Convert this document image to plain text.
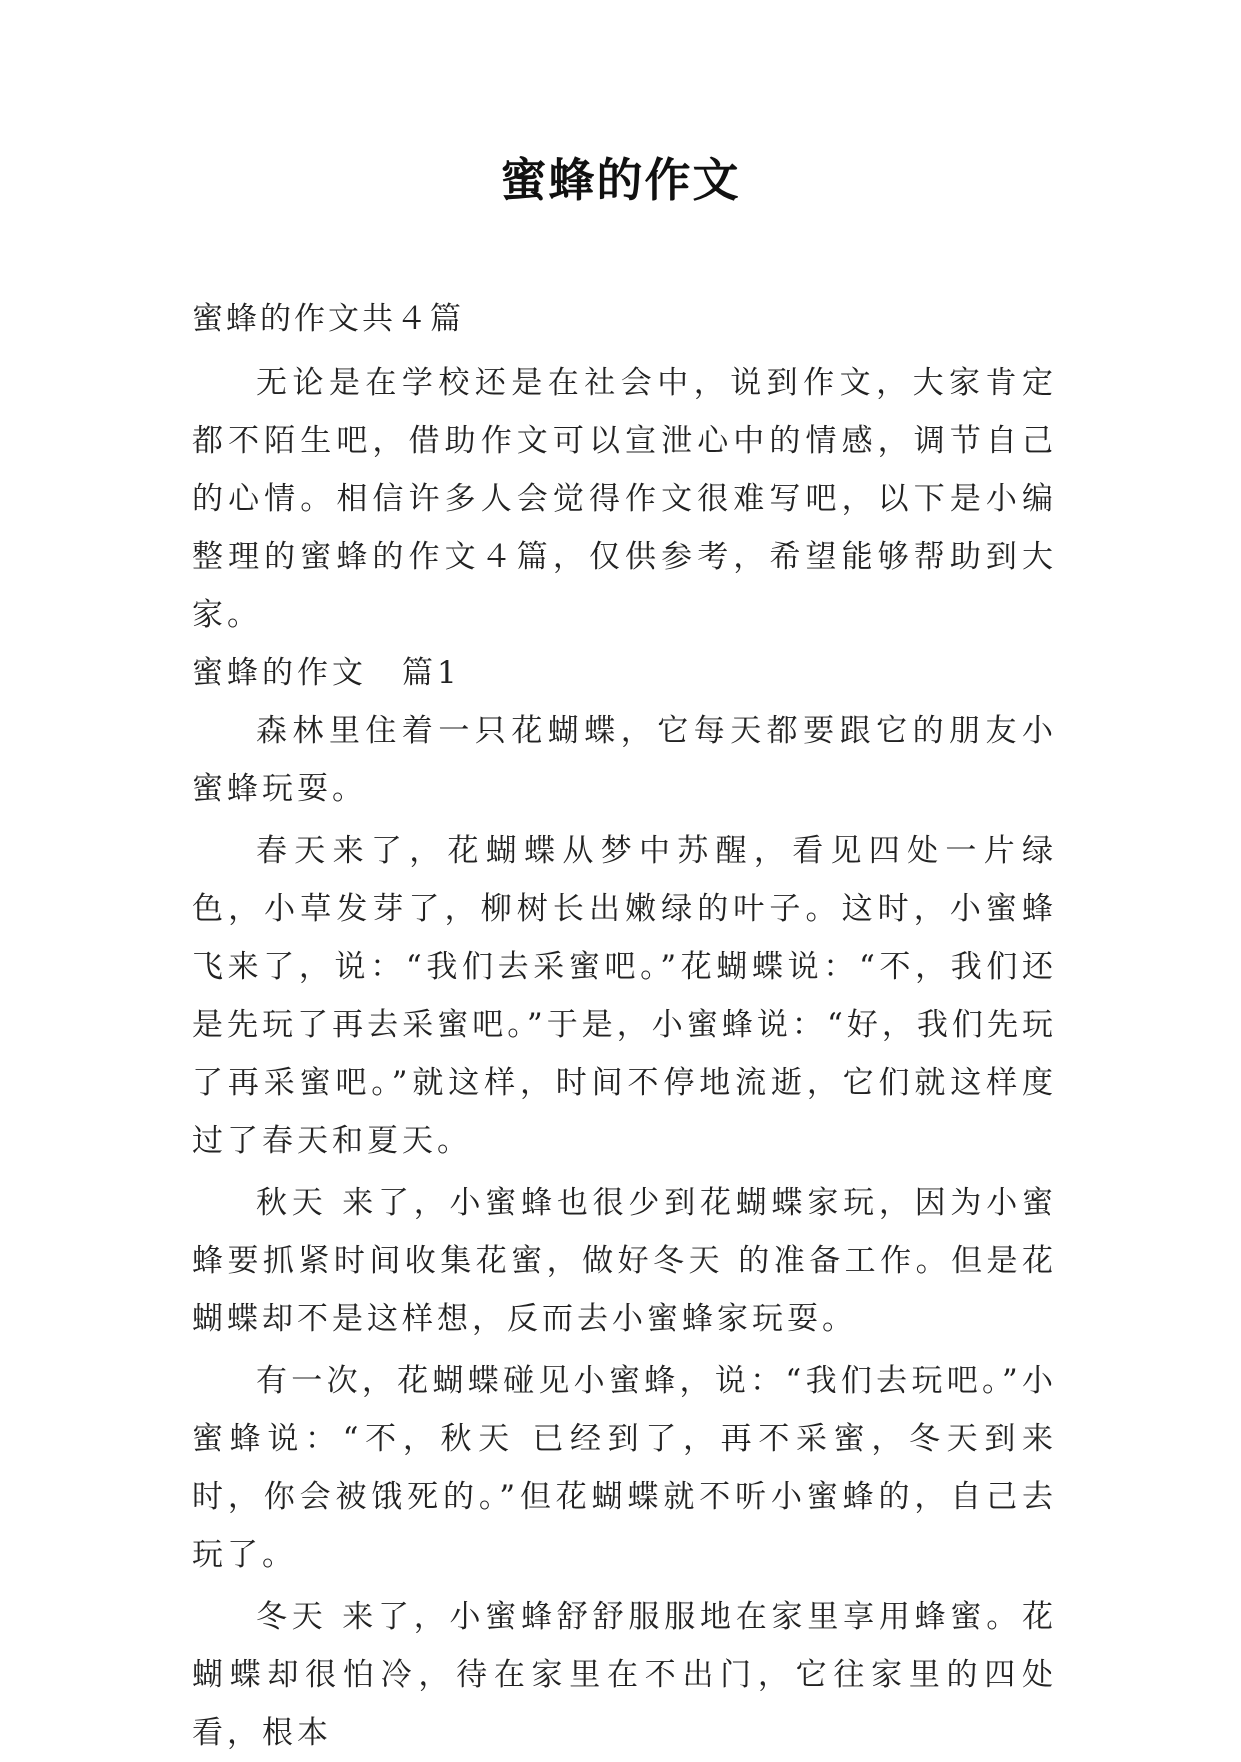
蜜蜂的作文
蜜蜂的作文共４篇

无论是在学校还是在社会中，说到作文，大家肯定都不陌生吧，借助作文可以宣泄心中的情感，调节自己的心情。相信许多人会觉得作文很难写吧，以下是小编整理的蜜蜂的作文４篇，仅供参考，希望能够帮助到大家。

蜜蜂的作文　篇1

森林里住着一只花蝴蝶，它每天都要跟它的朋友小蜜蜂玩耍。

春天来了，花蝴蝶从梦中苏醒，看见四处一片绿色，小草发芽了，柳树长出嫩绿的叶子。这时，小蜜蜂飞来了，说：“我们去采蜜吧。”花蝴蝶说：“不，我们还是先玩了再去采蜜吧。”于是，小蜜蜂说：“好，我们先玩了再采蜜吧。”就这样，时间不停地流逝，它们就这样度过了春天和夏天。

秋天 来了，小蜜蜂也很少到花蝴蝶家玩，因为小蜜蜂要抓紧时间收集花蜜，做好冬天 的准备工作。但是花蝴蝶却不是这样想，反而去小蜜蜂家玩耍。

有一次，花蝴蝶碰见小蜜蜂，说：“我们去玩吧。”小蜜蜂说：“不，秋天 已经到了，再不采蜜，冬天到来时，你会被饿死的。”但花蝴蝶就不听小蜜蜂的，自己去玩了。

冬天 来了，小蜜蜂舒舒服服地在家里享用蜂蜜。花蝴蝶却很怕冷，待在家里在不出门，它往家里的四处看，根本
